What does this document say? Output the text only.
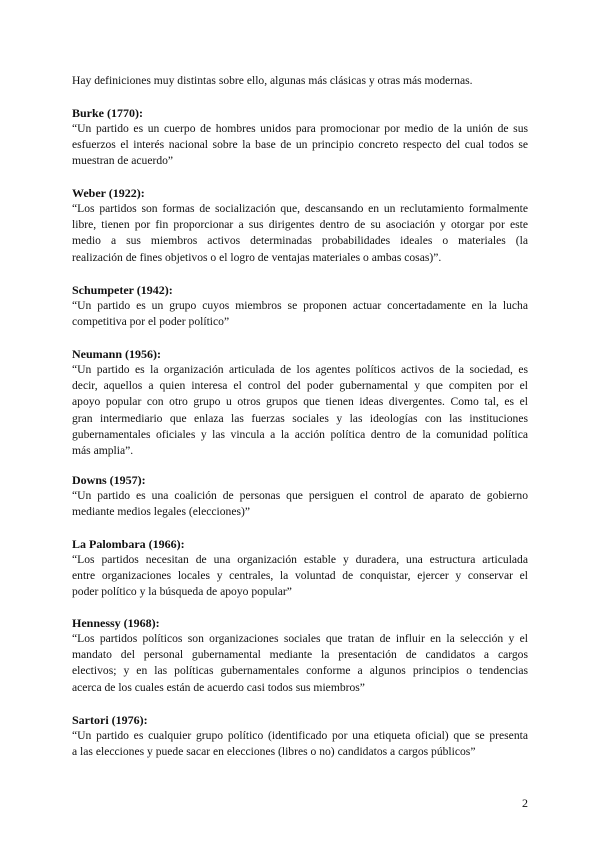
Hay definiciones muy distintas sobre ello, algunas más clásicas y otras más modernas.
Burke (1770):
“Un partido es un cuerpo de hombres unidos para promocionar por medio de la unión de sus
esfuerzos el interés nacional sobre la base de un principio concreto respecto del cual todos se
muestran de acuerdo”
Weber (1922):
“Los partidos son formas de socialización que, descansando en un reclutamiento formalmente
libre, tienen por fin proporcionar a sus dirigentes dentro de su asociación y otorgar por este
medio a sus miembros activos determinadas probabilidades ideales o materiales (la
realización de fines objetivos o el logro de ventajas materiales o ambas cosas)”.
Schumpeter (1942):
“Un partido es un grupo cuyos miembros se proponen actuar concertadamente en la lucha
competitiva por el poder político”
Neumann (1956):
“Un partido es la organización articulada de los agentes políticos activos de la sociedad, es
decir, aquellos a quien interesa el control del poder gubernamental y que compiten por el
apoyo popular con otro grupo u otros grupos que tienen ideas divergentes. Como tal, es el
gran intermediario que enlaza las fuerzas sociales y las ideologías con las instituciones
gubernamentales oficiales y las vincula a la acción política dentro de la comunidad política
más amplia”.
Downs (1957):
“Un partido es una coalición de personas que persiguen el control de aparato de gobierno
mediante medios legales (elecciones)”
La Palombara (1966):
“Los partidos necesitan de una organización estable y duradera, una estructura articulada
entre organizaciones locales y centrales, la voluntad de conquistar, ejercer y conservar el
poder político y la búsqueda de apoyo popular”
Hennessy (1968):
“Los partidos políticos son organizaciones sociales que tratan de influir en la selección y el
mandato del personal gubernamental mediante la presentación de candidatos a cargos
electivos; y en las políticas gubernamentales conforme a algunos principios o tendencias
acerca de los cuales están de acuerdo casi todos sus miembros”
Sartori (1976):
“Un partido es cualquier grupo político (identificado por una etiqueta oficial) que se presenta
a las elecciones y puede sacar en elecciones (libres o no) candidatos a cargos públicos”
2
